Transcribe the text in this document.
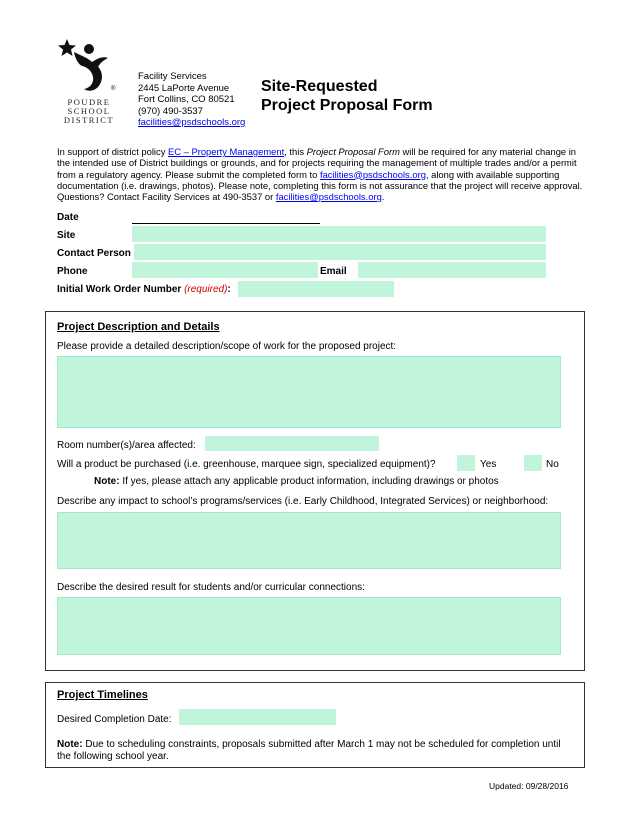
®
POUDRE
SCHOOL
DISTRICT
Facility Services
2445 LaPorte Avenue
Fort Collins, CO 80521
(970) 490-3537
facilities@psdschools.org
Site-Requested
Project Proposal Form
In support of district policy EC – Property Management, this Project Proposal Form will be required for any material change in the intended use of District buildings or grounds, and for projects requiring the management of multiple trades and/or a permit from a regulatory agency. Please submit the completed form to facilities@psdschools.org, along with available supporting documentation (i.e. drawings, photos). Please note, completing this form is not assurance that the project will receive approval. Questions? Contact Facility Services at 490-3537 or facilities@psdschools.org.
Date
Site
Contact Person
Phone	Email
Initial Work Order Number (required):
Project Description and Details
Please provide a detailed description/scope of work for the proposed project:
Room number(s)/area affected:
Will a product be purchased (i.e. greenhouse, marquee sign, specialized equipment)?	Yes	No
Note: If yes, please attach any applicable product information, including drawings or photos
Describe any impact to school’s programs/services (i.e. Early Childhood, Integrated Services) or neighborhood:
Describe the desired result for students and/or curricular connections:
Project Timelines
Desired Completion Date:
Note: Due to scheduling constraints, proposals submitted after March 1 may not be scheduled for completion until the following school year.
Updated: 09/28/2016
